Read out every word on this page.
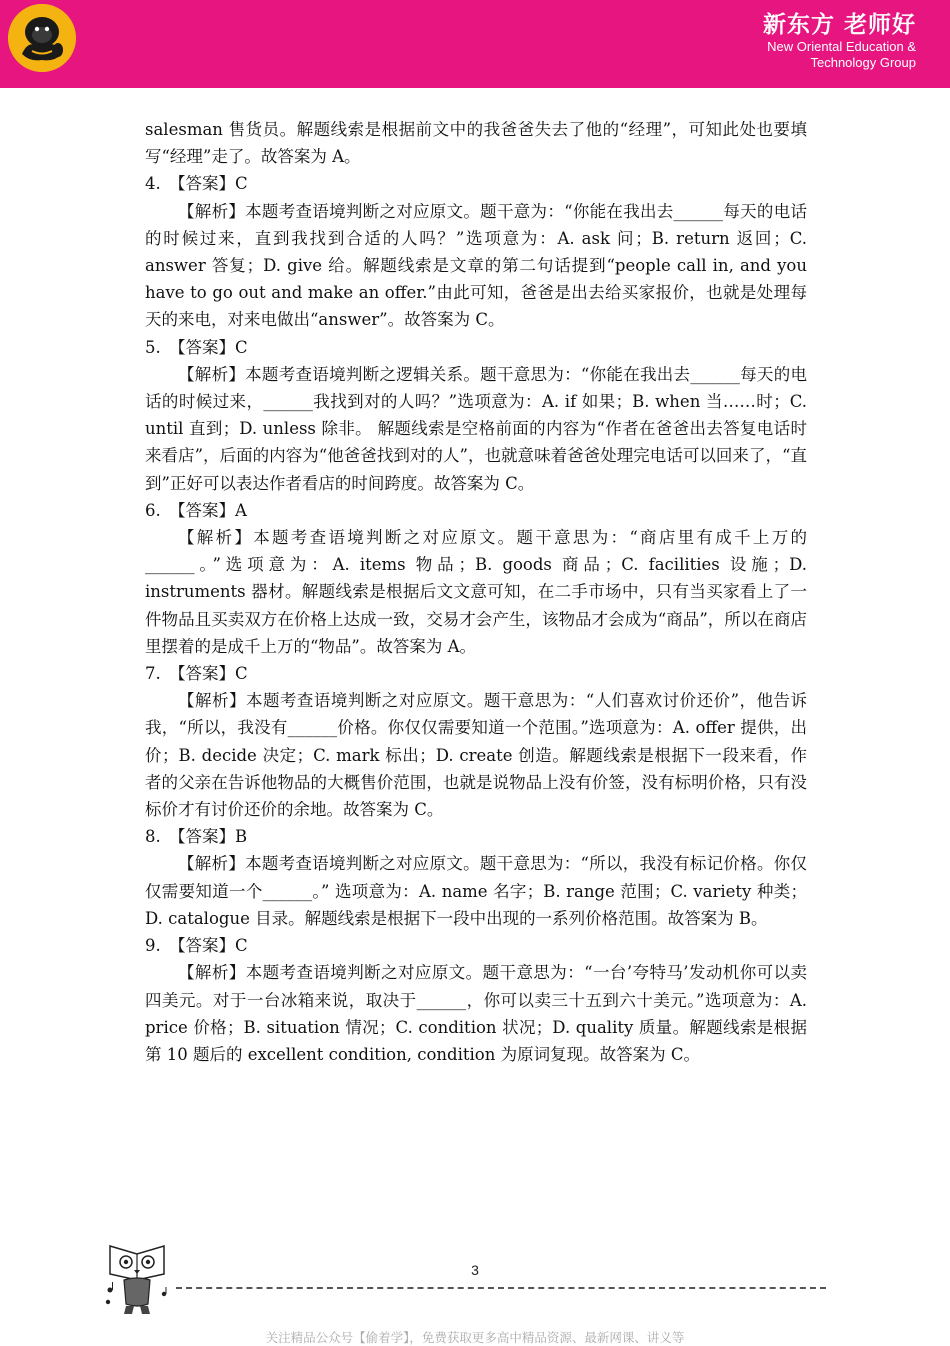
新东方 老师好
New Oriental Education &
Technology Group

salesman 售货员。解题线索是根据前文中的我爸爸失去了他的“经理”，可知此处也要填写“经理”走了。故答案为 A。

4.　【答案】C

【解析】本题考查语境判断之对应原文。题干意为：“你能在我出去______每天的电话的时候过来，直到我找到合适的人吗？”选项意为：A. ask 问；B. return 返回；C. answer 答复；D. give 给。解题线索是文章的第二句话提到“people call in, and you have to go out and make an offer.”由此可知，爸爸是出去给买家报价，也就是处理每天的来电，对来电做出“answer”。故答案为 C。

5.　【答案】C

【解析】本题考查语境判断之逻辑关系。题干意思为：“你能在我出去______每天的电话的时候过来，______我找到对的人吗？”选项意为：A. if 如果；B. when 当……时；C. until 直到；D. unless 除非。 解题线索是空格前面的内容为“作者在爸爸出去答复电话时来看店”，后面的内容为“他爸爸找到对的人”，也就意味着爸爸处理完电话可以回来了，“直到”正好可以表达作者看店的时间跨度。故答案为 C。

6.　【答案】A

【解析】本题考查语境判断之对应原文。题干意思为：“商店里有成千上万的______。”选项意为：A. items 物品；B. goods 商品；C. facilities 设施；D. instruments 器材。解题线索是根据后文文意可知，在二手市场中，只有当买家看上了一件物品且买卖双方在价格上达成一致，交易才会产生，该物品才会成为“商品”，所以在商店里摆着的是成千上万的“物品”。故答案为 A。

7.　【答案】C

【解析】本题考查语境判断之对应原文。题干意思为：“人们喜欢讨价还价”，他告诉我，“所以，我没有______价格。你仅仅需要知道一个范围。”选项意为：A. offer 提供，出价；B. decide 决定；C. mark 标出；D. create 创造。解题线索是根据下一段来看，作者的父亲在告诉他物品的大概售价范围，也就是说物品上没有价签，没有标明价格，只有没标价才有讨价还价的余地。故答案为 C。

8.　【答案】B

【解析】本题考查语境判断之对应原文。题干意思为：“所以，我没有标记价格。你仅仅需要知道一个______。” 选项意为：A. name 名字；B. range 范围；C. variety 种类；D. catalogue 目录。解题线索是根据下一段中出现的一系列价格范围。故答案为 B。

9.　【答案】C

【解析】本题考查语境判断之对应原文。题干意思为：“一台’夸特马’发动机你可以卖四美元。对于一台冰箱来说，取决于______，你可以卖三十五到六十美元。”选项意为：A. price 价格；B. situation 情况；C. condition 状况；D. quality 质量。解题线索是根据第 10 题后的 excellent condition, condition 为原词复现。故答案为 C。

3
关注精品公众号【偷着学】，免费获取更多高中精品资源、最新网课、讲义等
